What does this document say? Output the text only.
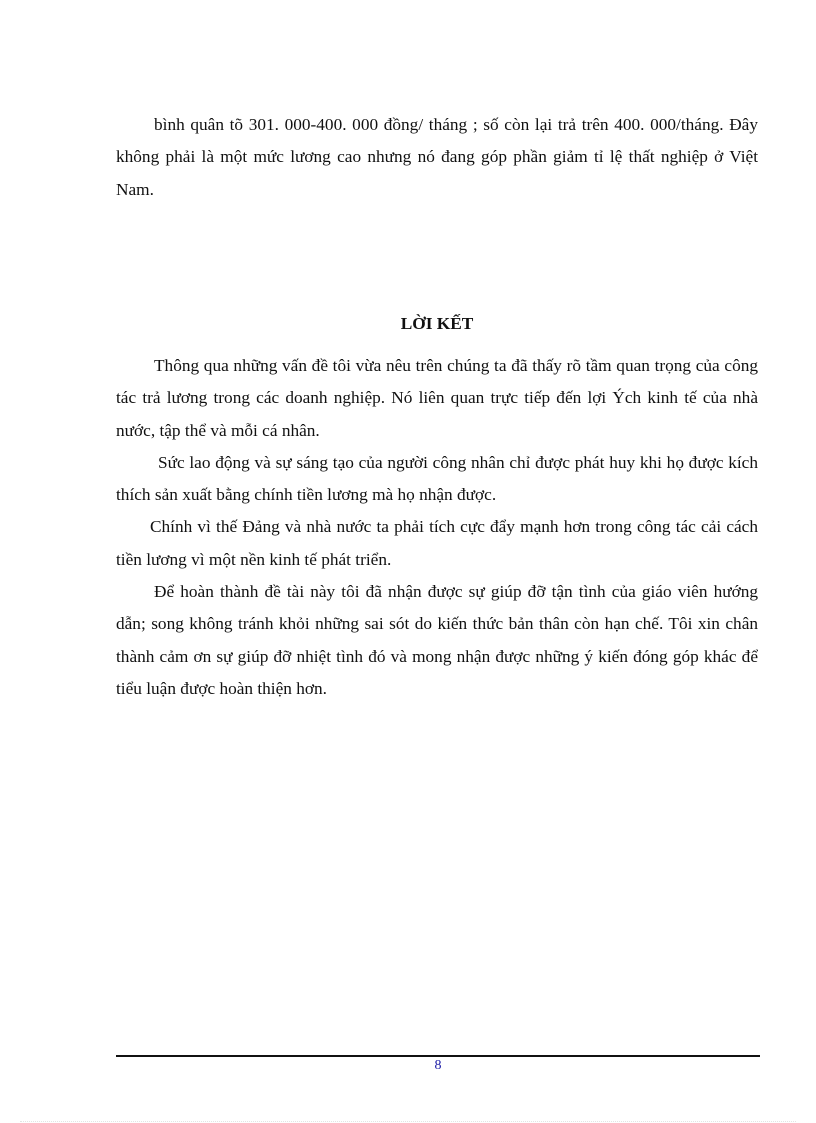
bình quân tõ 301. 000-400. 000 đồng/ tháng ; số còn lại trả trên 400. 000/tháng. Đây không phải là một mức lương cao nhưng nó đang góp phần giảm tỉ lệ thất nghiệp ở Việt Nam.

LỜI KẾT

Thông qua những vấn đề tôi vừa nêu trên chúng ta đã thấy rõ tầm quan trọng của công tác trả lương trong các doanh nghiệp. Nó liên quan trực tiếp đến lợi Ých kinh tế của nhà nước, tập thể và mỗi cá nhân.

Sức lao động và sự sáng tạo của người công nhân chỉ được phát huy khi họ được kích thích sản xuất bằng chính tiền lương mà họ nhận được.

Chính vì thế Đảng và nhà nước ta phải tích cực đẩy mạnh hơn trong công tác cải cách tiền lương vì một nền kinh tế phát triển.

Để hoàn thành đề tài này tôi đã nhận được sự giúp đỡ tận tình của giáo viên hướng dẫn; song không tránh khỏi những sai sót do kiến thức bản thân còn hạn chế. Tôi xin chân thành cảm ơn sự giúp đỡ nhiệt tình đó và mong nhận được những ý kiến đóng góp khác để tiểu luận được hoàn thiện hơn.

8
